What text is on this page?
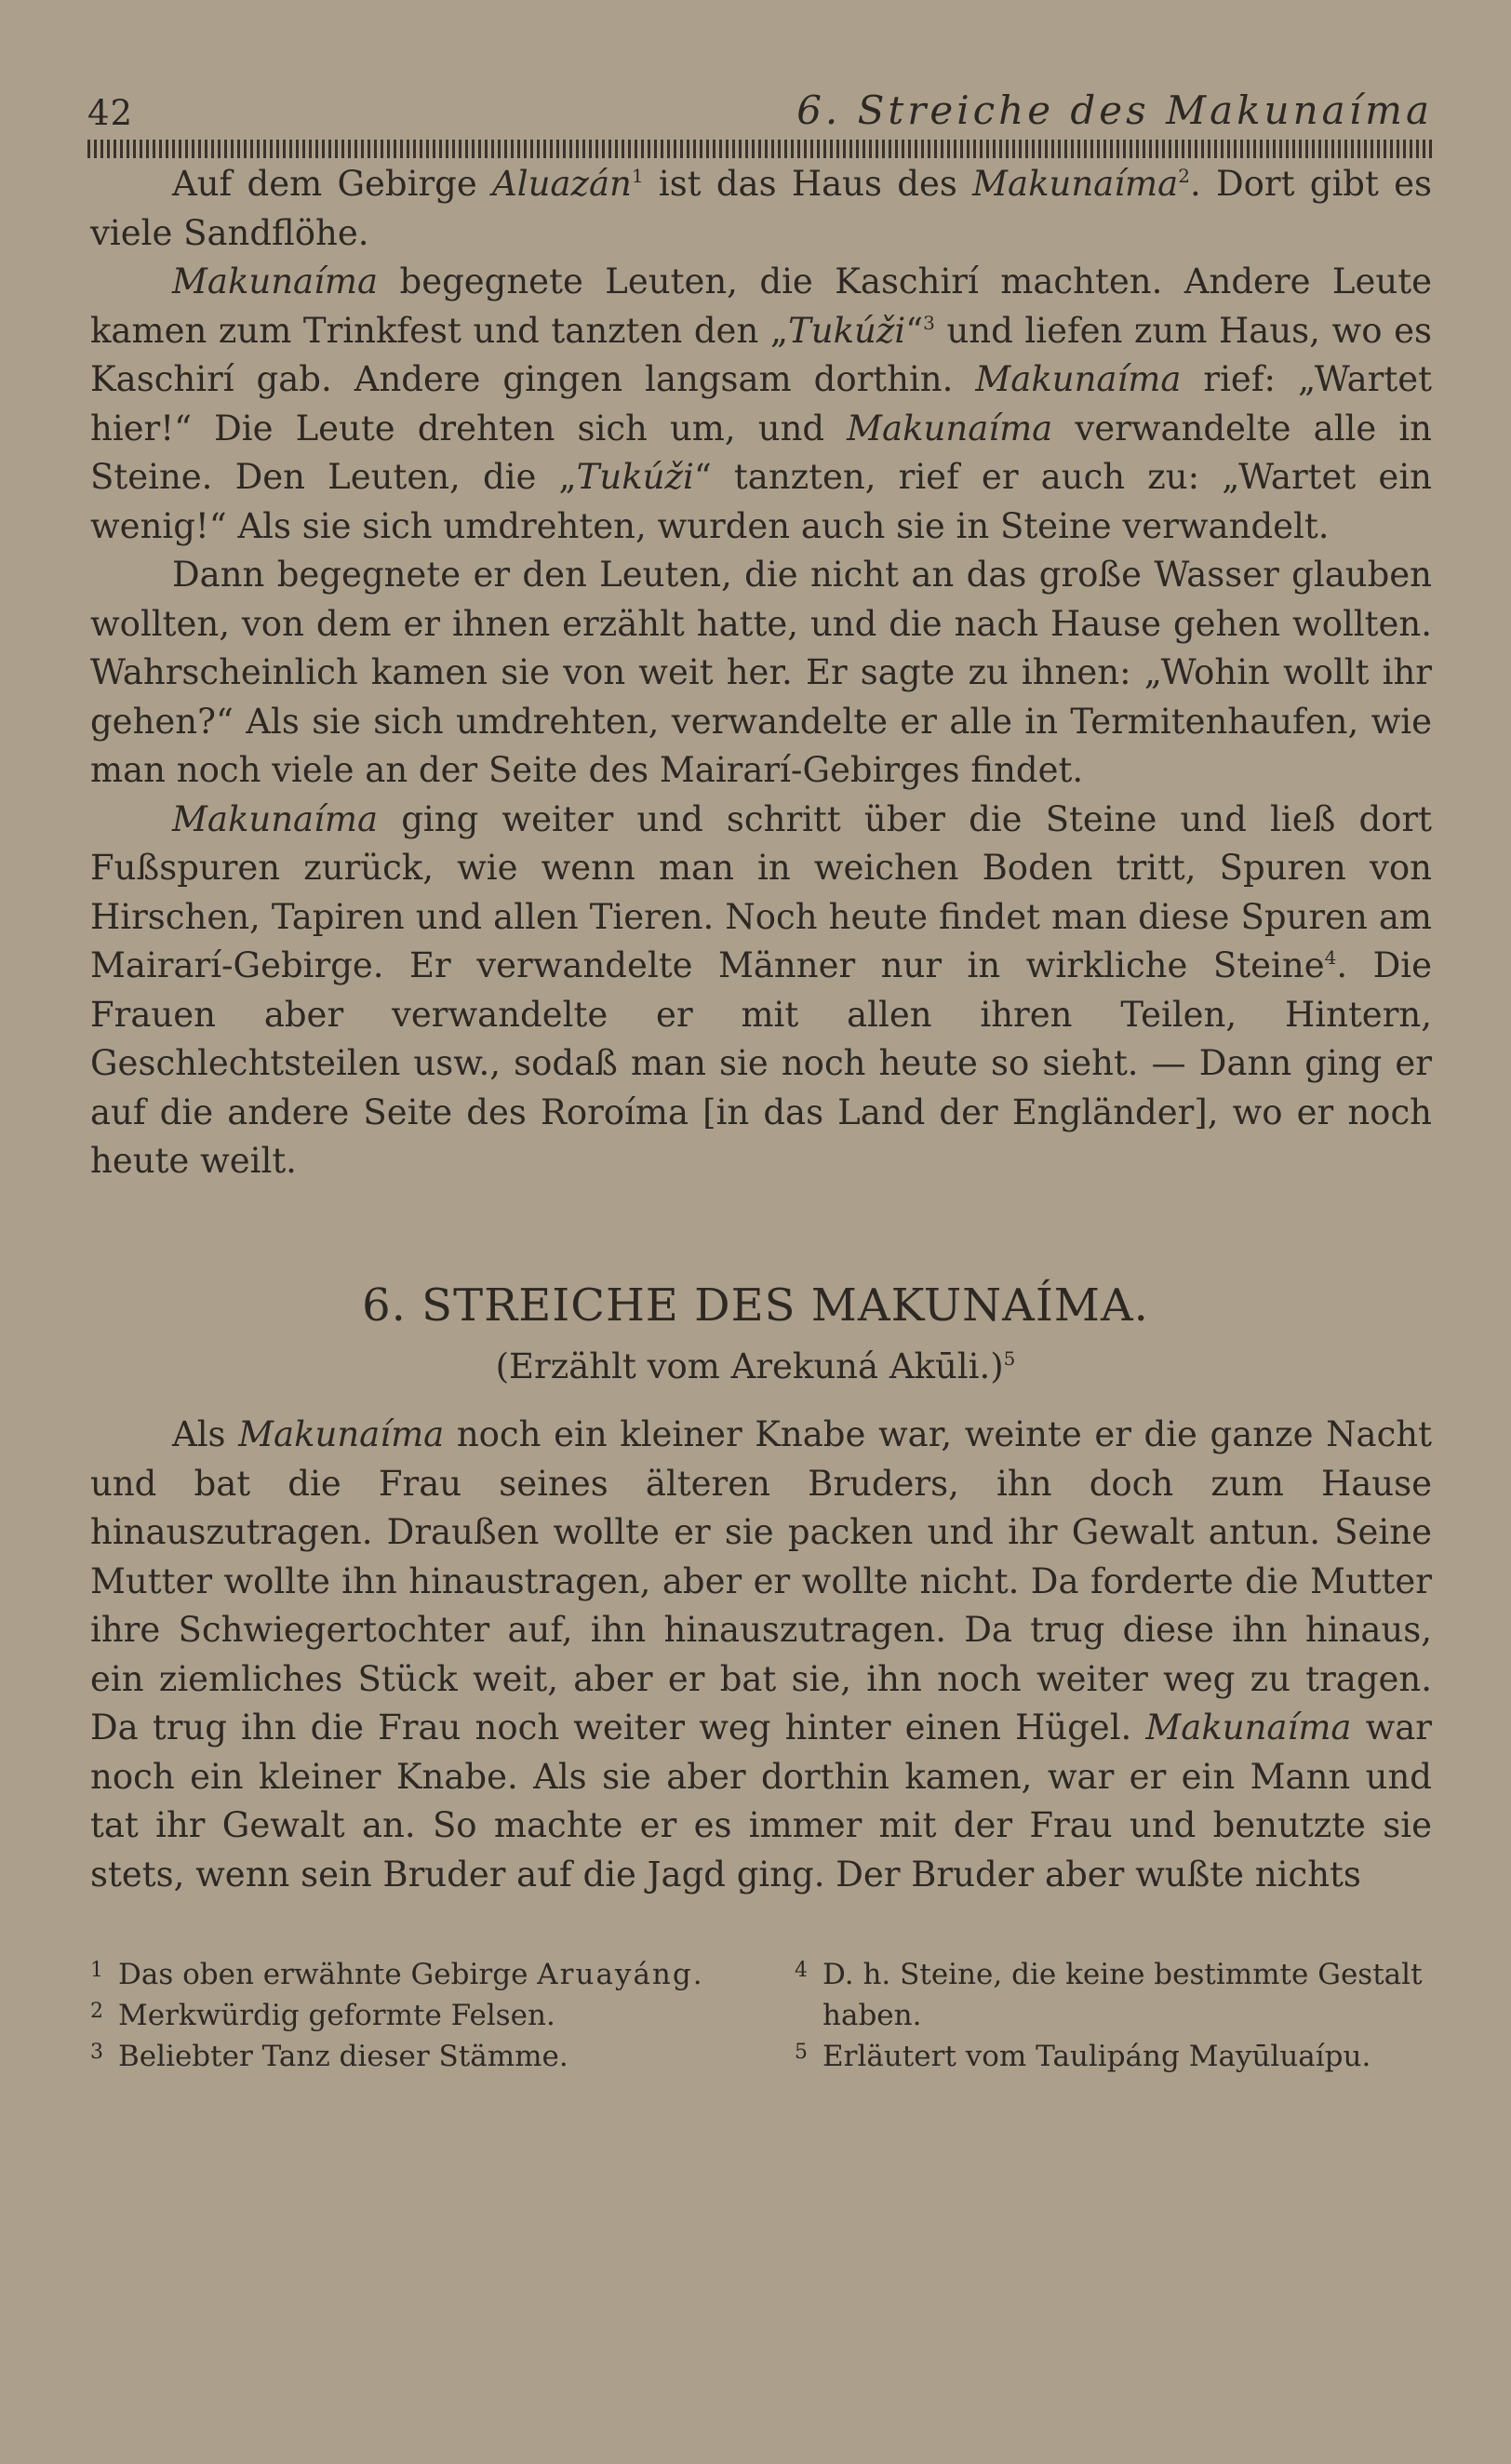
42	6. Streiche des Makunaíma

Auf dem Gebirge Aluazán$^1$ ist das Haus des Makunaíma$^2$. Dort gibt es viele Sandflöhe.

Makunaíma begegnete Leuten, die Kaschirí machten. Andere Leute kamen zum Trinkfest und tanzten den „Tukúži“$^3$ und liefen zum Haus, wo es Kaschirí gab. Andere gingen langsam dorthin. Makunaíma rief: „Wartet hier!“ Die Leute drehten sich um, und Makunaíma verwandelte alle in Steine. Den Leuten, die „Tukúži“ tanzten, rief er auch zu: „Wartet ein wenig!“ Als sie sich umdrehten, wurden auch sie in Steine verwandelt.

Dann begegnete er den Leuten, die nicht an das große Wasser glauben wollten, von dem er ihnen erzählt hatte, und die nach Hause gehen wollten. Wahrscheinlich kamen sie von weit her. Er sagte zu ihnen: „Wohin wollt ihr gehen?“ Als sie sich umdrehten, verwandelte er alle in Termitenhaufen, wie man noch viele an der Seite des Mairarí-Gebirges findet.

Makunaíma ging weiter und schritt über die Steine und ließ dort Fußspuren zurück, wie wenn man in weichen Boden tritt, Spuren von Hirschen, Tapiren und allen Tieren. Noch heute findet man diese Spuren am Mairarí-Gebirge. Er verwandelte Männer nur in wirkliche Steine$^4$. Die Frauen aber verwandelte er mit allen ihren Teilen, Hintern, Geschlechtsteilen usw., sodaß man sie noch heute so sieht. — Dann ging er auf die andere Seite des Roroíma [in das Land der Engländer], wo er noch heute weilt.

6. STREICHE DES MAKUNAÍMA.
(Erzählt vom Arekuná Akūli.)$^5$

Als Makunaíma noch ein kleiner Knabe war, weinte er die ganze Nacht und bat die Frau seines älteren Bruders, ihn doch zum Hause hinauszutragen. Draußen wollte er sie packen und ihr Gewalt antun. Seine Mutter wollte ihn hinaustragen, aber er wollte nicht. Da forderte die Mutter ihre Schwiegertochter auf, ihn hinauszutragen. Da trug diese ihn hinaus, ein ziemliches Stück weit, aber er bat sie, ihn noch weiter weg zu tragen. Da trug ihn die Frau noch weiter weg hinter einen Hügel. Makunaíma war noch ein kleiner Knabe. Als sie aber dorthin kamen, war er ein Mann und tat ihr Gewalt an. So machte er es immer mit der Frau und benutzte sie stets, wenn sein Bruder auf die Jagd ging. Der Bruder aber wußte nichts

1 Das oben erwähnte Gebirge Aruayáng.
2 Merkwürdig geformte Felsen.
3 Beliebter Tanz dieser Stämme.
4 D. h. Steine, die keine bestimmte Gestalt haben.
5 Erläutert vom Taulipáng Mayūluaípu.
